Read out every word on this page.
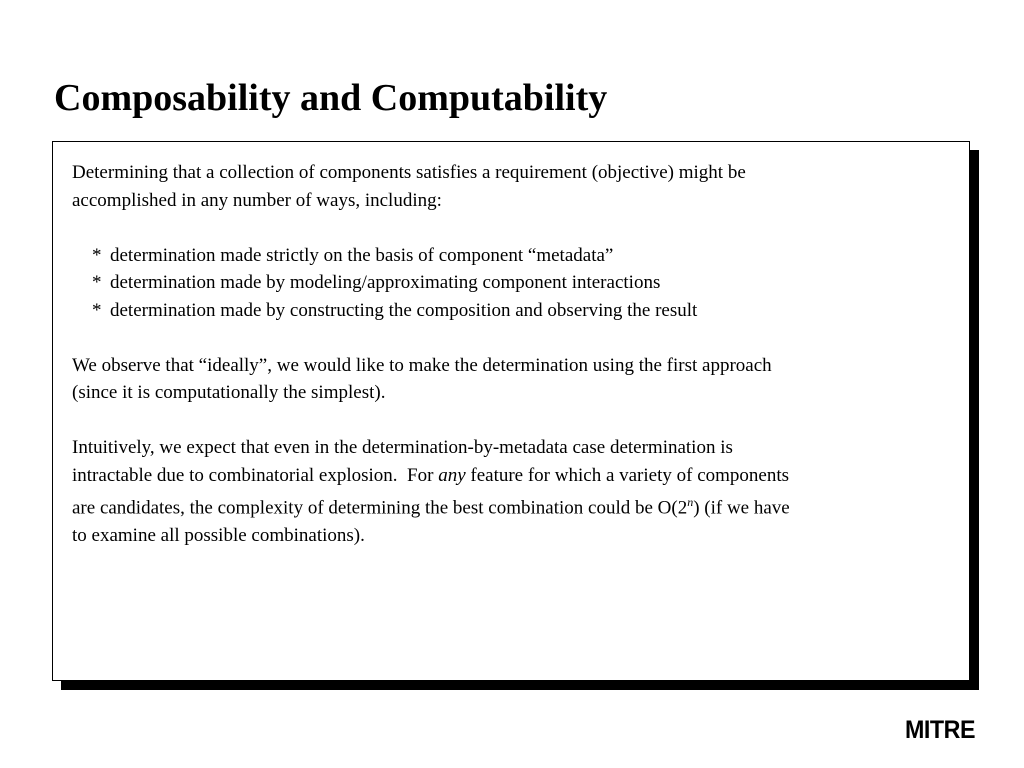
Composability and Computability

Determining that a collection of components satisfies a requirement (objective) might be

accomplished in any number of ways, including:

* determination made strictly on the basis of component “metadata”
* determination made by modeling/approximating component interactions
* determination made by constructing the composition and observing the result

We observe that “ideally”, we would like to make the determination using the first approach

(since it is computationally the simplest).

Intuitively, we expect that even in the determination-by-metadata case determination is

intractable due to combinatorial explosion.  For any feature for which a variety of components

are candidates, the complexity of determining the best combination could be O(2$^n$) (if we have

to examine all possible combinations).

MITRE
